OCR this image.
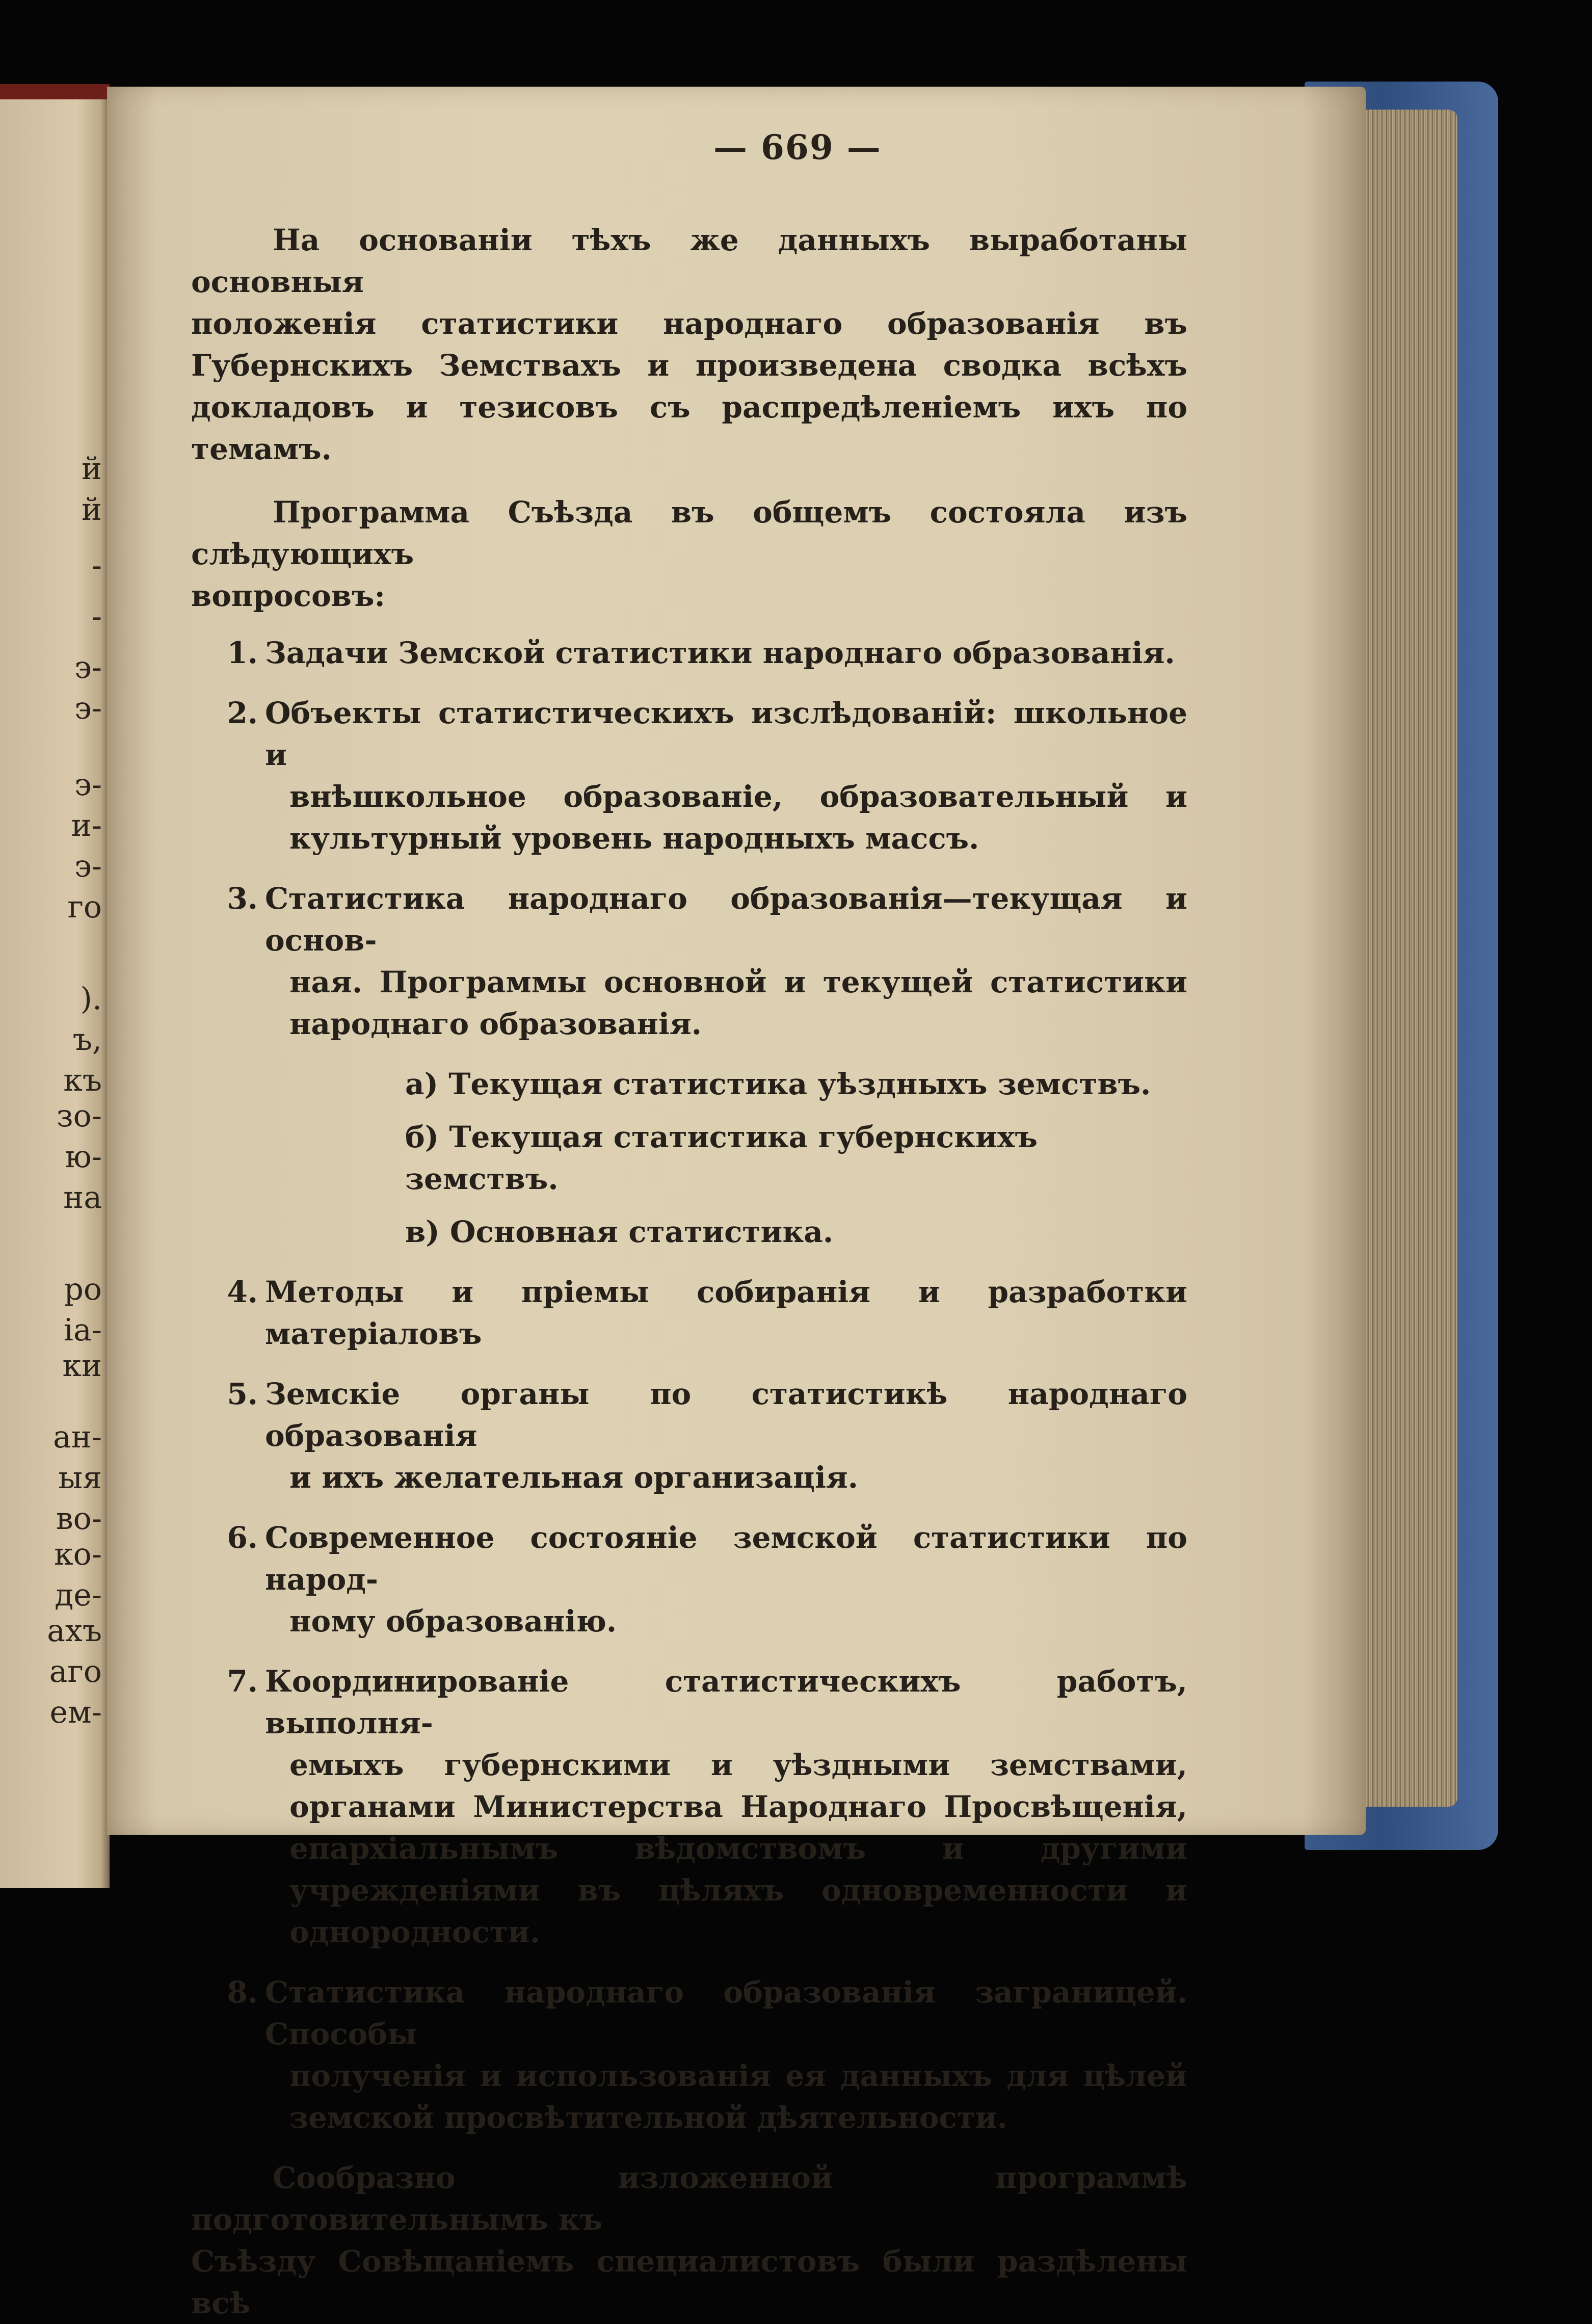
й
й
-
-
э-
э-
э-
и-
э-
го
).
ъ,
къ
зо-
ю-
на
ро
іа-
ки
ан-
ыя
во-
ко-
де-
ахъ
аго
ем-
— 669 —
На основаніи тѣхъ же данныхъ выработаны основныя
положенія статистики народнаго образованія въ Губернскихъ Земствахъ и произведена сводка всѣхъ докладовъ и тезисовъ съ распредѣленіемъ ихъ по темамъ.
Программа Съѣзда въ общемъ состояла изъ слѣдующихъ
вопросовъ:
1. Задачи Земской статистики народнаго образованія.
2. Объекты статистическихъ изслѣдованій: школьное и
внѣшкольное образованіе, образовательный и культурный уровень народныхъ массъ.
3. Статистика народнаго образованія—текущая и основ-
ная. Программы основной и текущей статистики народнаго образованія.
а) Текущая статистика уѣздныхъ земствъ.
б) Текущая статистика губернскихъ земствъ.
в) Основная статистика.
4. Методы и пріемы собиранія и разработки матеріаловъ
5. Земскіе органы по статистикѣ народнаго образованія
и ихъ желательная организація.
6. Современное состояніе земской статистики по народ-
ному образованію.
7. Координированіе статистическихъ работъ, выполня-
емыхъ губернскими и уѣздными земствами, органами Министерства Народнаго Просвѣщенія, епархіальнымъ вѣдомствомъ и другими учрежденіями въ цѣляхъ одновременности и однородности.
8. Статистика народнаго образованія заграницей. Способы
полученія и использованія ея данныхъ для цѣлей земской просвѣтительной дѣятельности.
Сообразно изложенной программѣ подготовительнымъ къ
Съѣзду Совѣщаніемъ специалистовъ были раздѣлены всѣ
